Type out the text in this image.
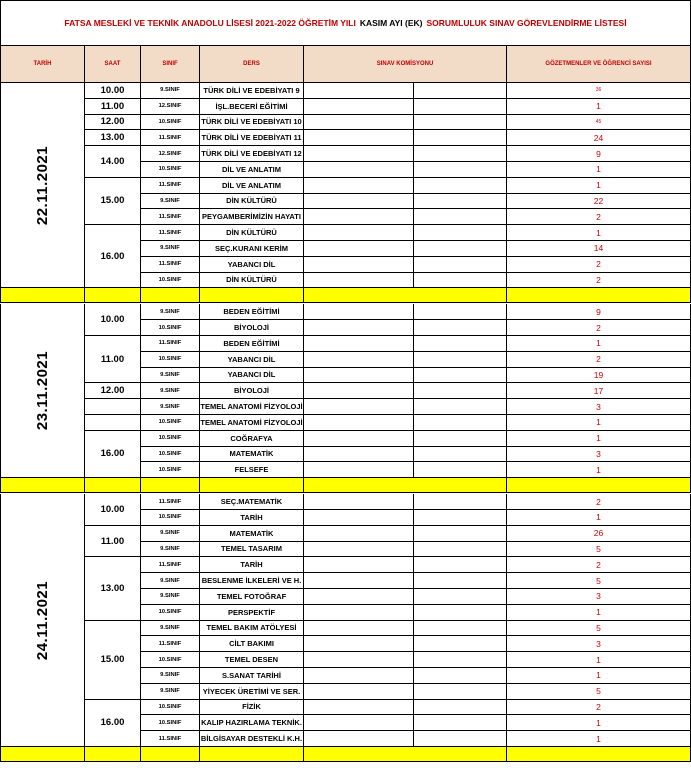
FATSA MESLEKİ VE TEKNİK ANADOLU LİSESİ 2021-2022 ÖĞRETİM YILI KASIM AYI (EK) SORUMLULUK SINAV GÖREVLENDİRME LİSTESİ
TARİH	SAAT	SINIF	DERS	SINAV KOMİSYONU	GÖZETMENLER VE ÖĞRENCİ SAYISI
22.11.2021
10.00	9.SINIF	TÜRK DİLİ VE EDEBİYATI 9	36
11.00	12.SINIF	İŞL.BECERİ EĞİTİMİ	1
12.00	10.SINIF	TÜRK DİLİ VE EDEBİYATI 10	45
13.00	11.SINIF	TÜRK DİLİ VE EDEBİYATI 11	24
14.00
12.SINIF	TÜRK DİLİ VE EDEBİYATI 12	9
10.SINIF	DİL VE ANLATIM	1
15.00
11.SINIF	DİL VE ANLATIM	1
9.SINIF	DİN KÜLTÜRÜ	22
11.SINIF	PEYGAMBERİMİZİN HAYATI	2
16.00
11.SINIF	DİN KÜLTÜRÜ	1
9.SINIF	SEÇ.KURANI KERİM	14
11.SINIF	YABANCI DİL	2
10.SINIF	DİN KÜLTÜRÜ	2
23.11.2021
10.00
9.SINIF	BEDEN EĞİTİMİ	9
10.SINIF	BİYOLOJİ	2
11.00
11.SINIF	BEDEN EĞİTİMİ	1
10.SINIF	YABANCI DİL	2
9.SINIF	YABANCI DİL	19
12.00	9.SINIF	BİYOLOJİ	17
9.SINIF	TEMEL ANATOMİ FİZYOLOJİ	3
10.SINIF	TEMEL ANATOMİ FİZYOLOJİ	1
16.00
10.SINIF	COĞRAFYA	1
10.SINIF	MATEMATİK	3
10.SINIF	FELSEFE	1
24.11.2021
10.00
11.SINIF	SEÇ.MATEMATİK	2
10.SINIF	TARİH	1
11.00
9.SINIF	MATEMATİK	26
9.SINIF	TEMEL TASARIM	5
13.00
11.SINIF	TARİH	2
9.SINIF	BESLENME İLKELERİ VE H.	5
9.SINIF	TEMEL FOTOĞRAF	3
10.SINIF	PERSPEKTİF	1
15.00
9.SINIF	TEMEL BAKIM ATÖLYESİ	5
11.SINIF	CİLT BAKIMI	3
10.SINIF	TEMEL DESEN	1
9.SINIF	S.SANAT TARİHİ	1
9.SINIF	YİYECEK ÜRETİMİ VE SER.	5
16.00
10.SINIF	FİZİK	2
10.SINIF	KALIP HAZIRLAMA TEKNİK.	1
11.SINIF	BİLGİSAYAR DESTEKLİ K.H.	1
